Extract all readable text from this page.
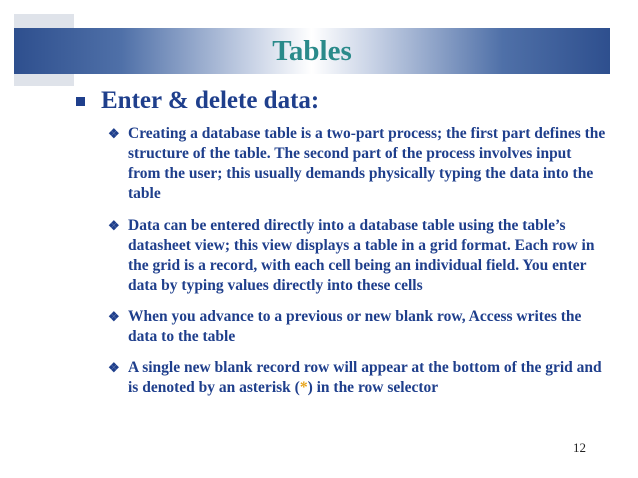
Tables
Enter & delete data:
❖ Creating a database table is a two-part process; the first part defines the structure of the table. The second part of the process involves input from the user; this usually demands physically typing the data into the table
❖ Data can be entered directly into a database table using the table’s datasheet view; this view displays a table in a grid format. Each row in the grid is a record, with each cell being an individual field. You enter data by typing values directly into these cells
❖ When you advance to a previous or new blank row, Access writes the data to the table
❖ A single new blank record row will appear at the bottom of the grid and is denoted by an asterisk (*) in the row selector
12
